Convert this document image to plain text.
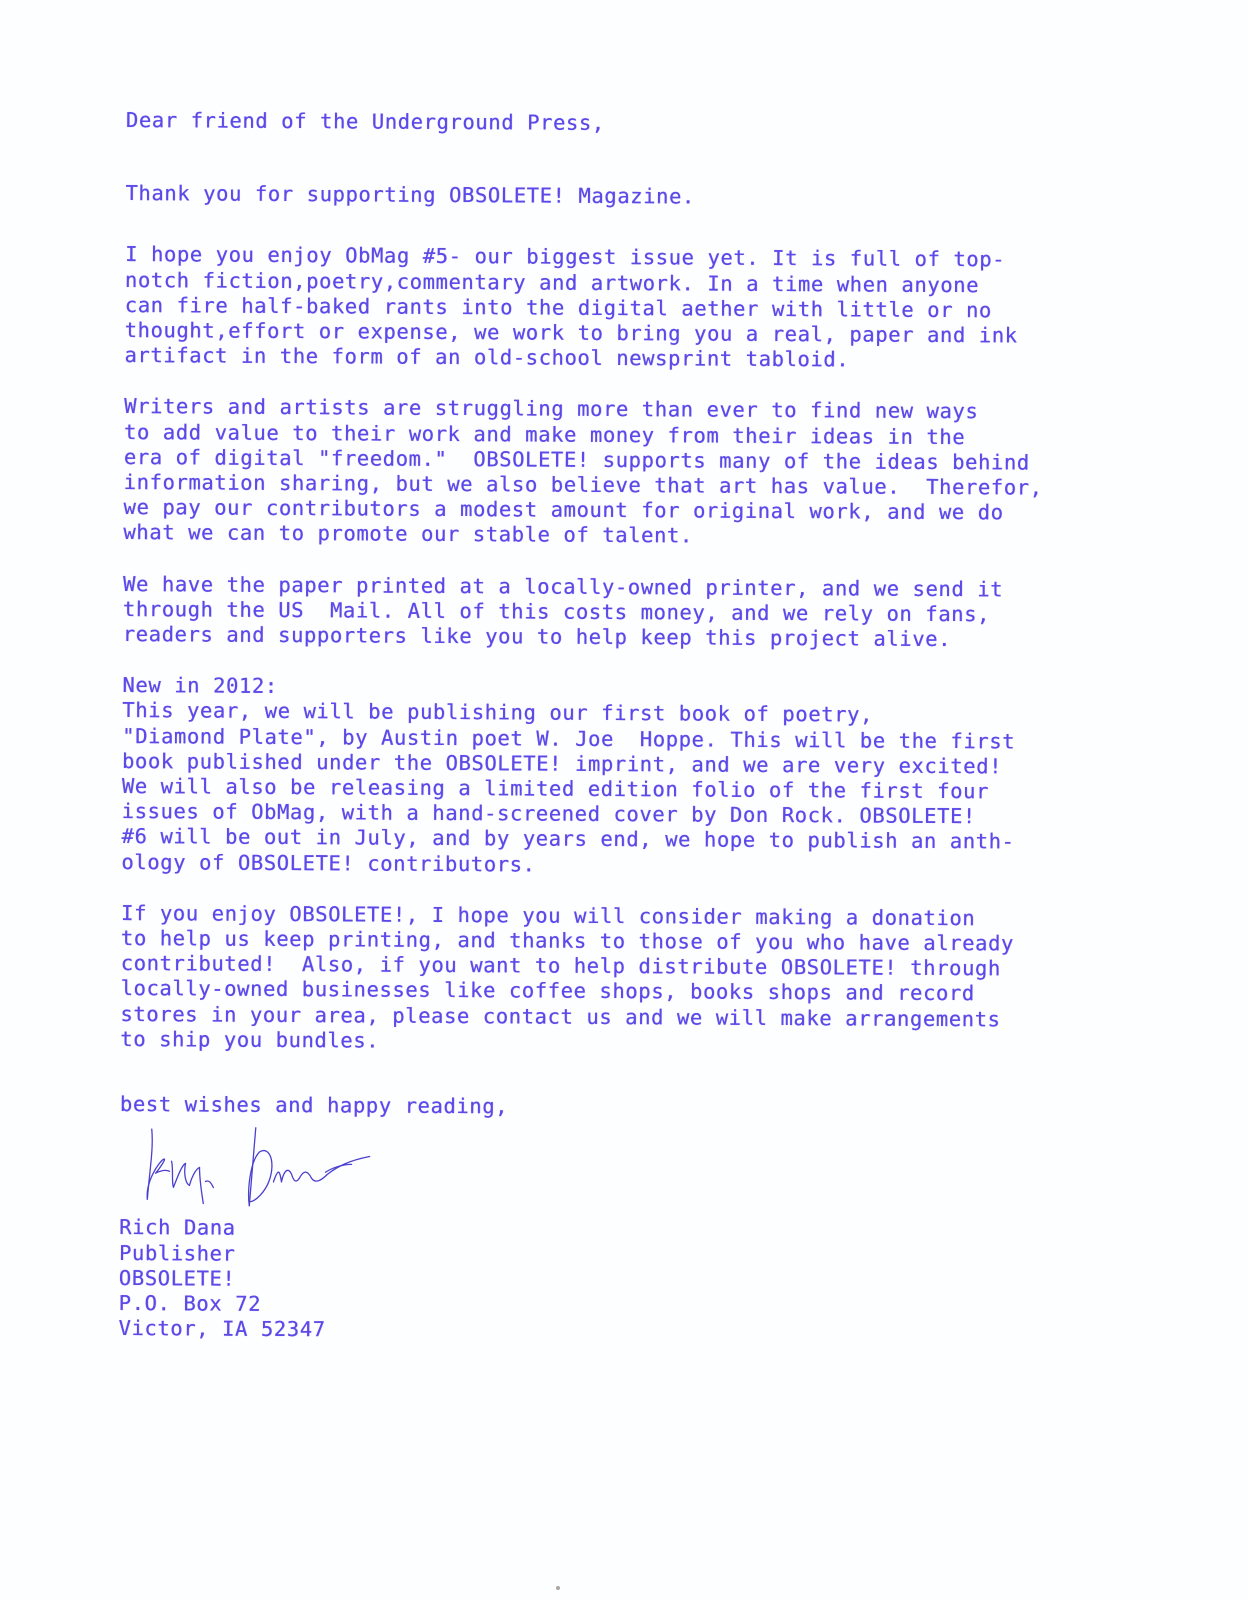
Dear friend of the Underground Press,
Thank you for supporting OBSOLETE! Magazine.
I hope you enjoy ObMag #5- our biggest issue yet. It is full of top-
notch fiction,poetry,commentary and artwork. In a time when anyone
can fire half-baked rants into the digital aether with little or no
thought,effort or expense, we work to bring you a real, paper and ink
artifact in the form of an old-school newsprint tabloid.
Writers and artists are struggling more than ever to find new ways
to add value to their work and make money from their ideas in the
era of digital "freedom."  OBSOLETE! supports many of the ideas behind
information sharing, but we also believe that art has value.  Therefor,
we pay our contributors a modest amount for original work, and we do
what we can to promote our stable of talent.
We have the paper printed at a locally-owned printer, and we send it
through the US  Mail. All of this costs money, and we rely on fans,
readers and supporters like you to help keep this project alive.
New in 2012:
This year, we will be publishing our first book of poetry,
"Diamond Plate", by Austin poet W. Joe  Hoppe. This will be the first
book published under the OBSOLETE! imprint, and we are very excited!
We will also be releasing a limited edition folio of the first four
issues of ObMag, with a hand-screened cover by Don Rock. OBSOLETE!
#6 will be out in July, and by years end, we hope to publish an anth-
ology of OBSOLETE! contributors.
If you enjoy OBSOLETE!, I hope you will consider making a donation
to help us keep printing, and thanks to those of you who have already
contributed!  Also, if you want to help distribute OBSOLETE! through
locally-owned businesses like coffee shops, books shops and record
stores in your area, please contact us and we will make arrangements
to ship you bundles.
best wishes and happy reading,
Rich Dana
Publisher
OBSOLETE!
P.O. Box 72
Victor, IA 52347
